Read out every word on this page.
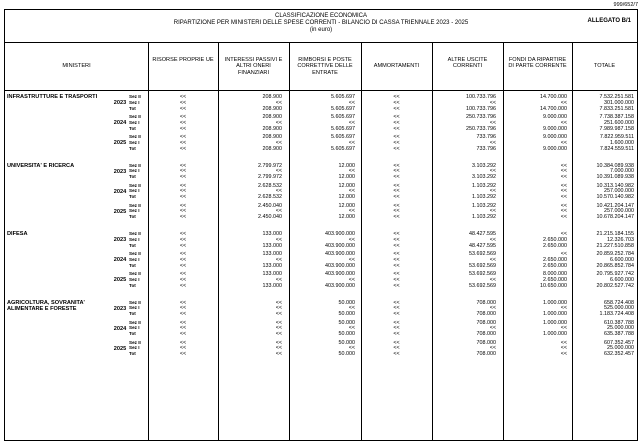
999/652/7
CLASSIFICAZIONE ECONOMICA
RIPARTIZIONE PER MINISTERI DELLE SPESE CORRENTI - BILANCIO DI CASSA TRIENNALE 2023 - 2025
(in euro)
ALLEGATO B/1
MINISTERI
RISORSE PROPRIE UE	INTERESSI PASSIVI E ALTRI ONERI FINANZIARI
RIMBORSI E POSTE CORRETTIVE DELLE ENTRATE
AMMORTAMENTI
ALTRE USCITE CORRENTI
FONDI DA RIPARTIRE DI PARTE CORRENTE	TOTALE
INFRASTRUTTURE E TRASPORTI
2023
Sez II	<<	208.900	5.605.697	<<	100.733.796	14.700.000	7.532.251.581
Sez I	<<	<<	<<	<<	<<	<<	301.000.000
Tot	<<	208.900	5.605.697	<<	100.733.796	14.700.000	7.833.251.581
2024
Sez II	<<	208.900	5.605.697	<<	250.733.796	9.000.000	7.738.387.158
Sez I	<<	<<	<<	<<	<<	<<	251.600.000
Tot	<<	208.900	5.605.697	<<	250.733.796	9.000.000	7.989.987.158
2025
Sez II	<<	208.900	5.605.697	<<	733.796	9.000.000	7.822.959.511
Sez I	<<	<<	<<	<<	<<	<<	1.600.000
Tot	<<	208.900	5.605.697	<<	733.796	9.000.000	7.824.559.511
UNIVERSITA' E RICERCA
2023
Sez II	<<	2.799.972	12.000	<<	3.103.292	<<	10.384.089.938
Sez I	<<	<<	<<	<<	<<	<<	7.000.000
Tot	<<	2.799.972	12.000	<<	3.103.292	<<	10.391.089.938
2024
Sez II	<<	2.628.532	12.000	<<	1.103.292	<<	10.313.140.982
Sez I	<<	<<	<<	<<	<<	<<	257.000.000
Tot	<<	2.628.532	12.000	<<	1.103.292	<<	10.570.140.982
2025
Sez II	<<	2.450.040	12.000	<<	1.103.292	<<	10.421.204.147
Sez I	<<	<<	<<	<<	<<	<<	257.000.000
Tot	<<	2.450.040	12.000	<<	1.103.292	<<	10.678.204.147
DIFESA
2023
Sez II	<<	133.000	403.900.000	<<	48.427.595	<<	21.215.184.155
Sez I	<<	<<	<<	<<	<<	2.650.000	12.326.703
Tot	<<	133.000	403.900.000	<<	48.427.595	2.650.000	21.227.510.858
2024
Sez II	<<	133.000	403.900.000	<<	53.692.569	<<	20.859.252.784
Sez I	<<	<<	<<	<<	<<	2.650.000	6.600.000
Tot	<<	133.000	403.900.000	<<	53.692.569	2.650.000	20.865.852.784
2025
Sez II	<<	133.000	403.900.000	<<	53.692.569	8.000.000	20.795.927.742
Sez I	<<	<<	<<	<<	<<	2.650.000	6.600.000
Tot	<<	133.000	403.900.000	<<	53.692.569	10.650.000	20.802.527.742
AGRICOLTURA, SOVRANITA' ALIMENTARE E FORESTE	2023
Sez II	<<	<<	50.000	<<	708.000	1.000.000	658.724.408
Sez I	<<	<<	<<	<<	<<	<<	525.000.000
Tot	<<	<<	50.000	<<	708.000	1.000.000	1.183.724.408
2024
Sez II	<<	<<	50.000	<<	708.000	1.000.000	610.387.788
Sez I	<<	<<	<<	<<	<<	<<	25.000.000
Tot	<<	<<	50.000	<<	708.000	1.000.000	635.387.788
2025
Sez II	<<	<<	50.000	<<	708.000	<<	607.352.457
Sez I	<<	<<	<<	<<	<<	<<	25.000.000
Tot	<<	<<	50.000	<<	708.000	<<	632.352.457
